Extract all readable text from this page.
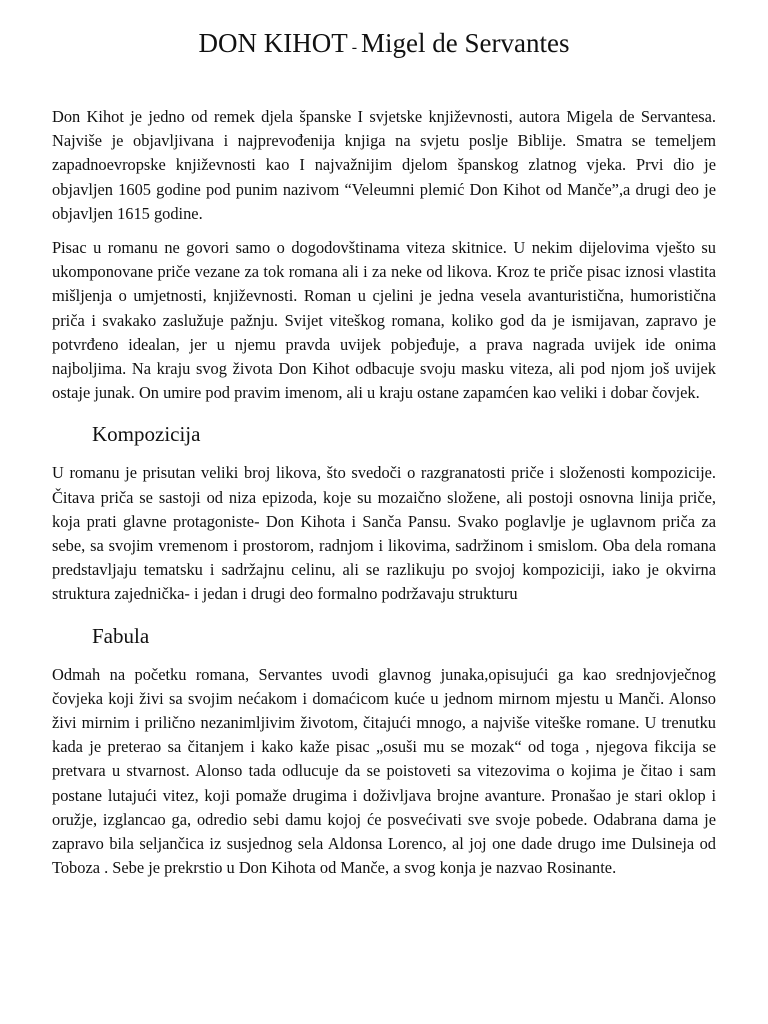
DON KIHOT - Migel de Servantes

Don Kihot je jedno od remek djela španske I svjetske književnosti, autora Migela de Servantesa. Najviše je objavljivana i najprevođenija knjiga na svjetu poslje Biblije. Smatra se temeljem zapadnoevropske književnosti kao I najvažnijim djelom španskog zlatnog vjeka. Prvi dio je objavljen 1605 godine pod punim nazivom “Veleumni plemić Don Kihot od Manče”,a drugi deo je objavljen 1615 godine.

Pisac u romanu ne govori samo o dogodovštinama viteza skitnice. U nekim dijelovima vješto su ukomponovane priče vezane za tok romana ali i za neke od likova. Kroz te priče pisac iznosi vlastita mišljenja o umjetnosti, književnosti. Roman u cjelini je jedna vesela avanturistična, humoristična priča i svakako zaslužuje pažnju. Svijet viteškog romana, koliko god da je ismijavan, zapravo je potvrđeno idealan, jer u njemu pravda uvijek pobjeđuje, a prava nagrada uvijek ide onima najboljima. Na kraju svog života Don Kihot odbacuje svoju masku viteza, ali pod njom još uvijek ostaje junak. On umire pod pravim imenom, ali u kraju ostane zapamćen kao veliki i dobar čovjek.

Kompozicija

U romanu je prisutan veliki broj likova, što svedoči o razgranatosti priče i složenosti kompozicije. Čitava priča se sastoji od niza epizoda, koje su mozaično složene, ali postoji osnovna linija priče, koja prati glavne protagoniste- Don Kihota i Sanča Pansu. Svako poglavlje je uglavnom priča za sebe, sa svojim vremenom i prostorom, radnjom i likovima, sadržinom i smislom. Oba dela romana predstavljaju tematsku i sadržajnu celinu, ali se razlikuju po svojoj kompoziciji, iako je okvirna struktura zajednička- i jedan i drugi deo formalno podržavaju strukturu

Fabula

Odmah na početku romana, Servantes uvodi glavnog junaka,opisujući ga kao srednjovječnog čovjeka koji živi sa svojim nećakom i domaćicom kuće u jednom mirnom mjestu u Manči. Alonso živi mirnim i prilično nezanimljivim životom, čitajući mnogo, a najviše viteške romane. U trenutku kada je preterao sa čitanjem i kako kaže pisac „osuši mu se mozak“ od toga , njegova fikcija se pretvara u stvarnost. Alonso tada odlucuje da se poistoveti sa vitezovima o kojima je čitao i sam postane lutajući vitez, koji pomaže drugima i doživljava brojne avanture. Pronašao je stari oklop i oružje, izglancao ga, odredio sebi damu kojoj će posvećivati sve svoje pobede. Odabrana dama je zapravo bila seljančica iz susjednog sela Aldonsa Lorenco, al joj one dade drugo ime Dulsineja od Toboza . Sebe je prekrstio u Don Kihota od Manče, a svog konja je nazvao Rosinante.
